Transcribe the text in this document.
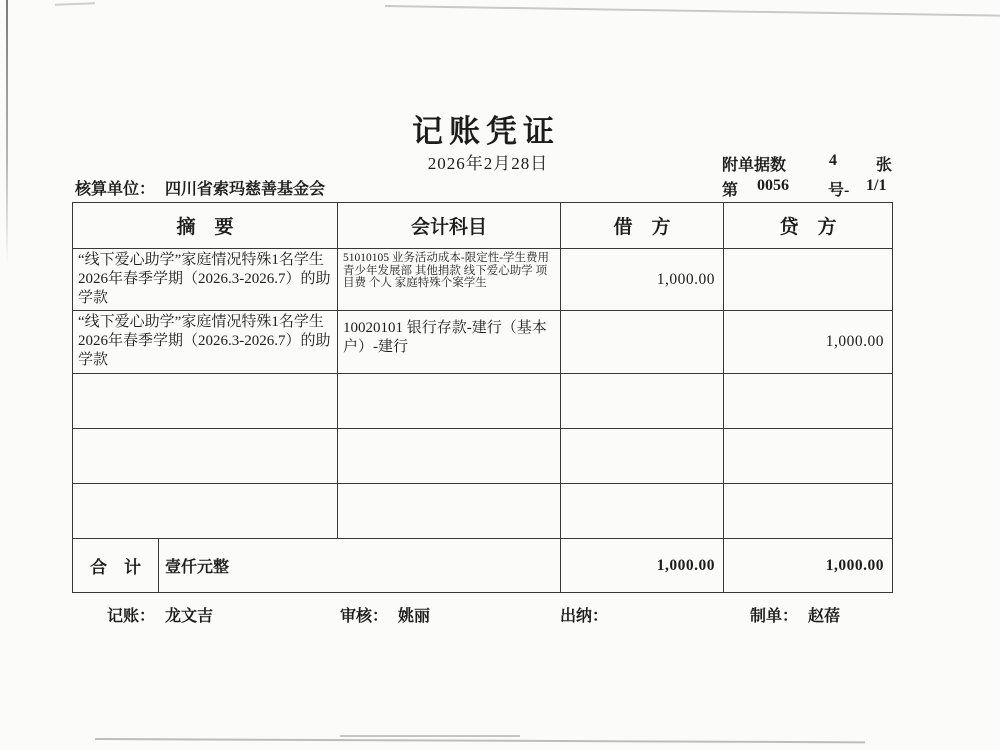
记账凭证
2026年2月28日
核算单位： 四川省索玛慈善基金会
附单据数	4 张
第 0056 号- 1/1
摘　要		会计科目	借　方	贷　方
“线下爱心助学”家庭情况特殊1名学生2026年春季学期（2026.3-2026.7）的助学款		51010105 业务活动成本-限定性-学生费用 青少年发展部 其他捐款 线下爱心助学 项目费 个人 家庭特殊个案学生	1,000.00	
“线下爱心助学”家庭情况特殊1名学生2026年春季学期（2026.3-2026.7）的助学款		10020101 银行存款-建行（基本户）-建行		1,000.00

合　计	壹仟元整		1,000.00	1,000.00
记账： 龙文吉	审核： 姚丽	出纳：	制单： 赵蓓
